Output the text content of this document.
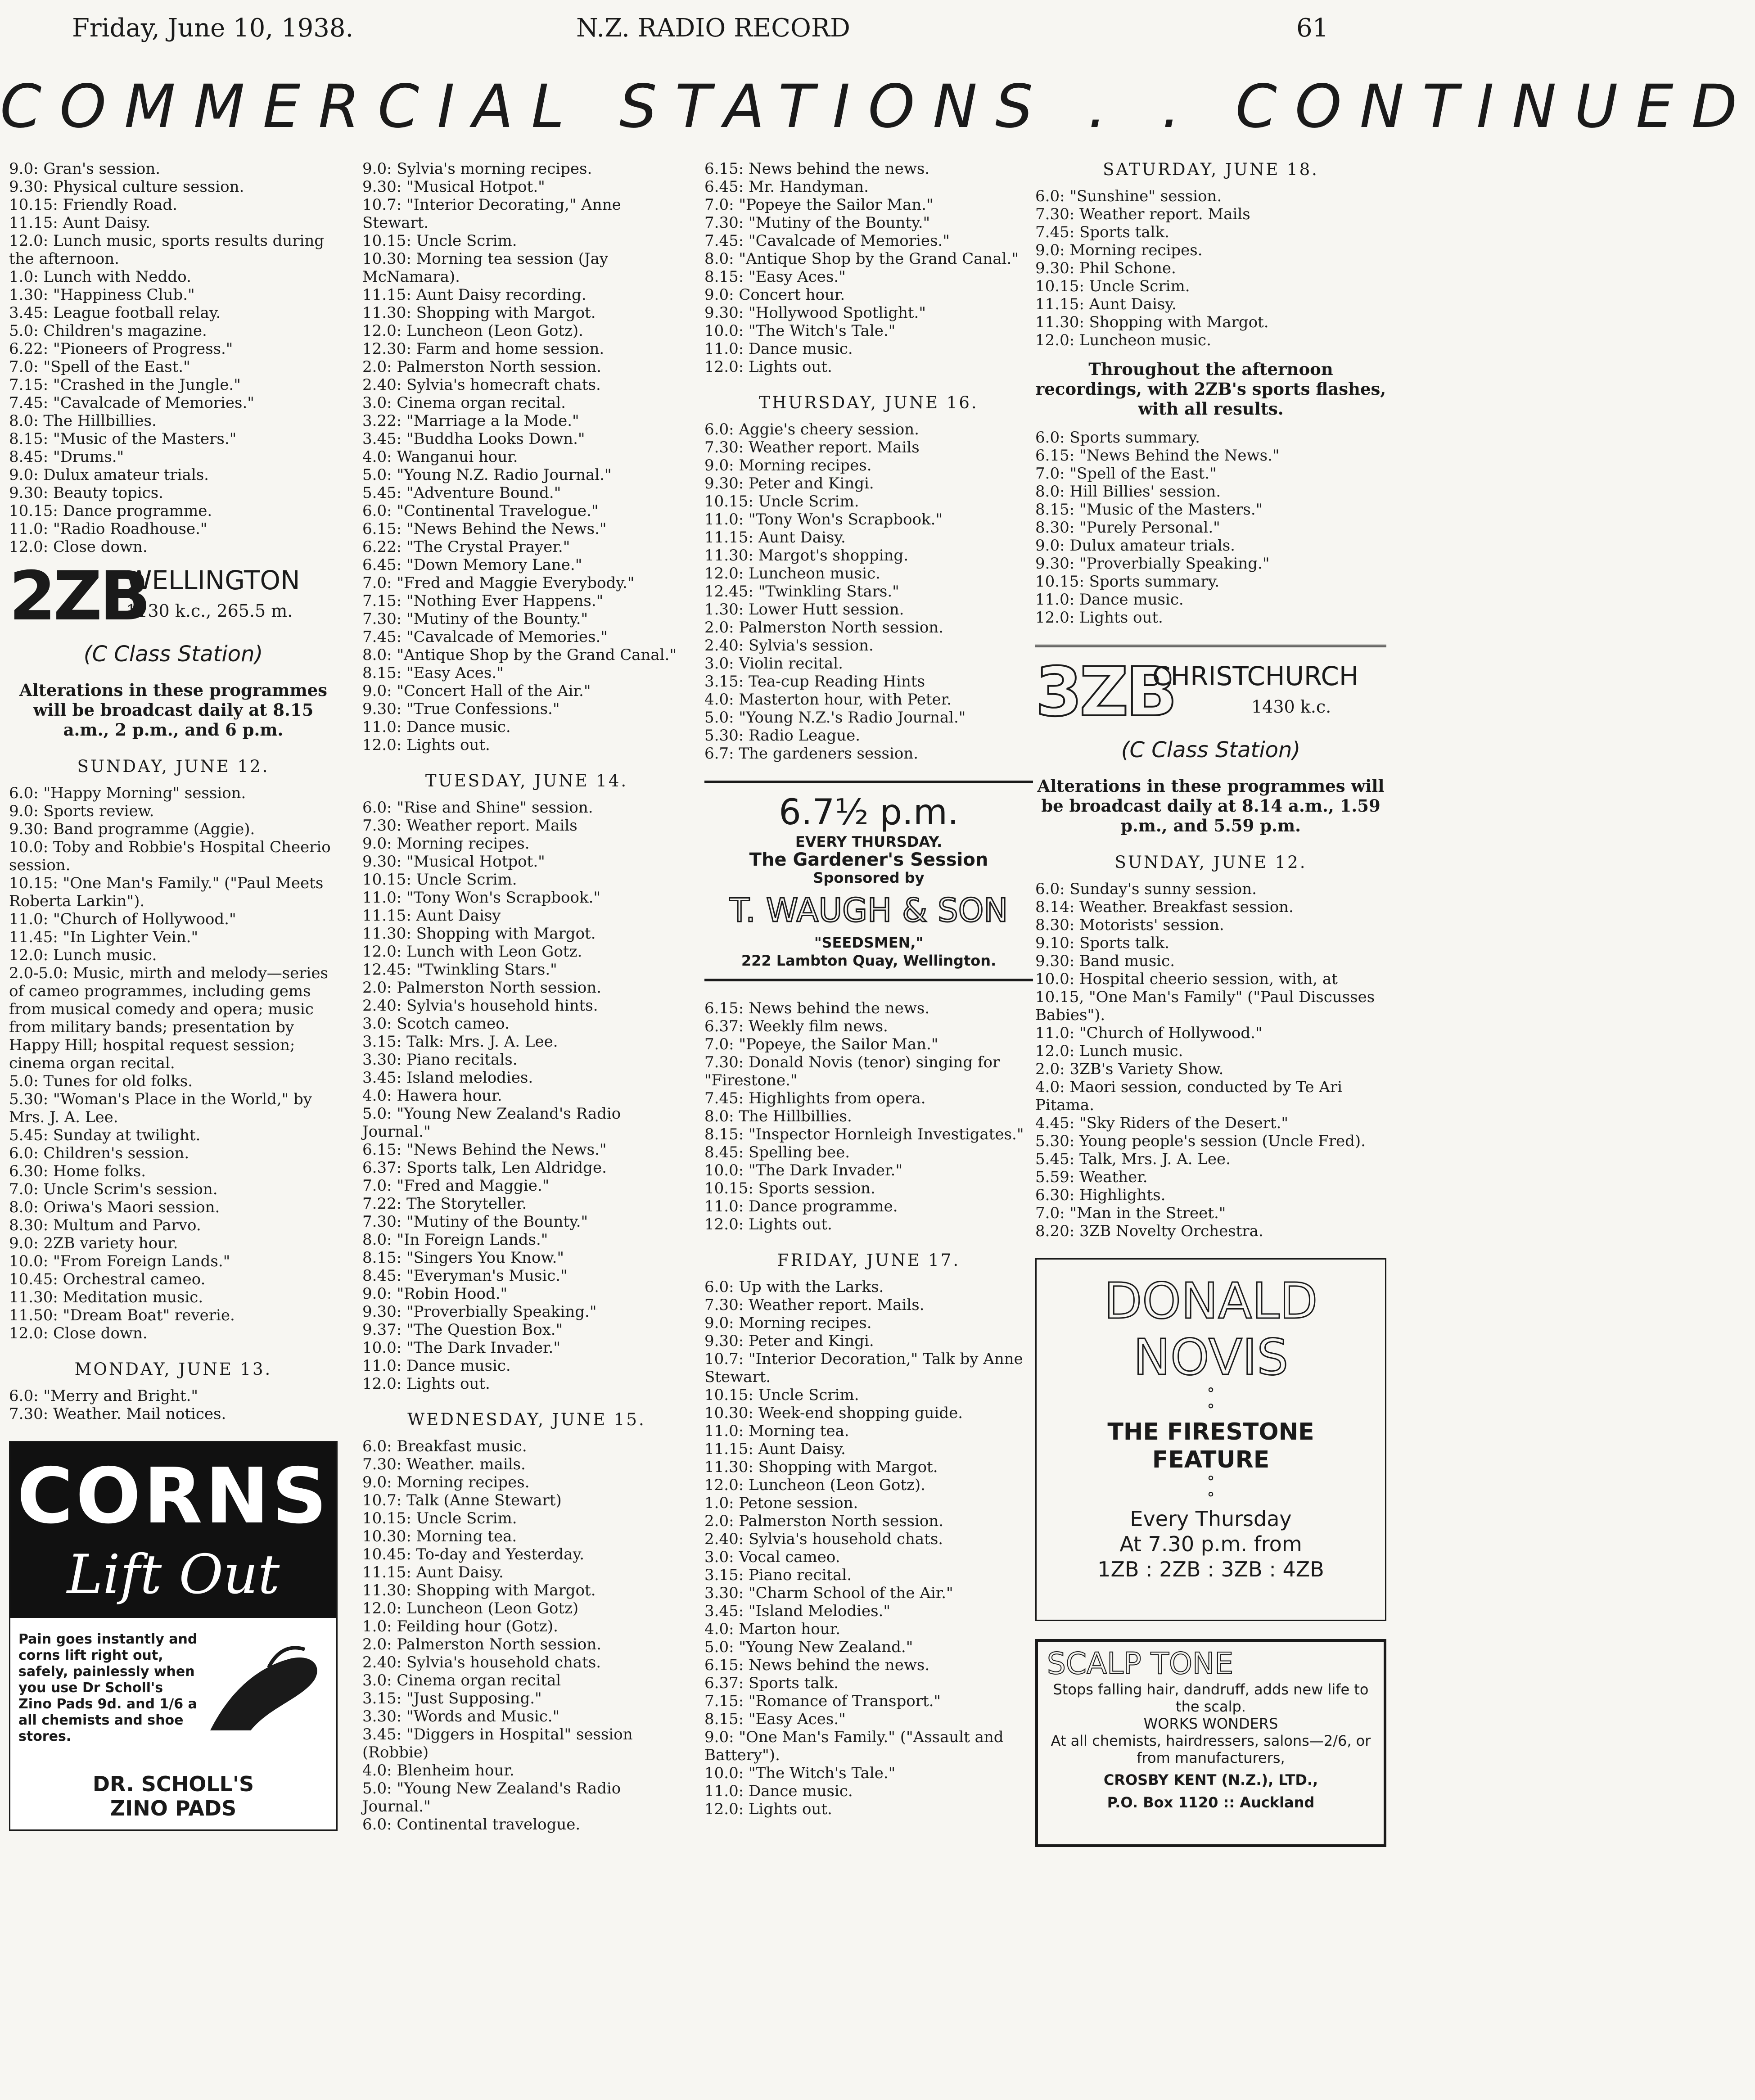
Friday, June 10, 1938.	N.Z. RADIO RECORD	61
COMMERCIAL STATIONS . . CONTINUED

9.0: Gran's session.

9.30: Physical culture session.

10.15: Friendly Road.

11.15: Aunt Daisy.

12.0: Lunch music, sports results during the afternoon.

1.0: Lunch with Neddo.

1.30: "Happiness Club."

3.45: League football relay.

5.0: Children's magazine.

6.22: "Pioneers of Progress."

7.0: "Spell of the East."

7.15: "Crashed in the Jungle."

7.45: "Cavalcade of Memories."

8.0: The Hillbillies.

8.15: "Music of the Masters."

8.45: "Drums."

9.0: Dulux amateur trials.

9.30: Beauty topics.

10.15: Dance programme.

11.0: "Radio Roadhouse."

12.0: Close down.

2ZB
WELLINGTON
1130 k.c., 265.5 m.
(C Class Station)
Alterations in these programmes will be broadcast daily at 8.15 a.m., 2 p.m., and 6 p.m.
SUNDAY, JUNE 12.

6.0: "Happy Morning" session.

9.0: Sports review.

9.30: Band programme (Aggie).

10.0: Toby and Robbie's Hospital Cheerio session.

10.15: "One Man's Family." ("Paul Meets Roberta Larkin").

11.0: "Church of Hollywood."

11.45: "In Lighter Vein."

12.0: Lunch music.

2.0-5.0: Music, mirth and melody—series of cameo programmes, including gems from musical comedy and opera; music from military bands; presentation by Happy Hill; hospital request session; cinema organ recital.

5.0: Tunes for old folks.

5.30: "Woman's Place in the World," by Mrs. J. A. Lee.

5.45: Sunday at twilight.

6.0: Children's session.

6.30: Home folks.

7.0: Uncle Scrim's session.

8.0: Oriwa's Maori session.

8.30: Multum and Parvo.

9.0: 2ZB variety hour.

10.0: "From Foreign Lands."

10.45: Orchestral cameo.

11.30: Meditation music.

11.50: "Dream Boat" reverie.

12.0: Close down.

MONDAY, JUNE 13.

6.0: "Merry and Bright."

7.30: Weather. Mail notices.

CORNS
Lift Out
Pain goes instantly and corns lift right out, safely, painlessly when you use Dr Scholl's Zino Pads 9d. and 1/6 a all chemists and shoe stores.
DR. SCHOLL'S
ZINO PADS

9.0: Sylvia's morning recipes.

9.30: "Musical Hotpot."

10.7: "Interior Decorating," Anne Stewart.

10.15: Uncle Scrim.

10.30: Morning tea session (Jay McNamara).

11.15: Aunt Daisy recording.

11.30: Shopping with Margot.

12.0: Luncheon (Leon Gotz).

12.30: Farm and home session.

2.0: Palmerston North session.

2.40: Sylvia's homecraft chats.

3.0: Cinema organ recital.

3.22: "Marriage a la Mode."

3.45: "Buddha Looks Down."

4.0: Wanganui hour.

5.0: "Young N.Z. Radio Journal."

5.45: "Adventure Bound."

6.0: "Continental Travelogue."

6.15: "News Behind the News."

6.22: "The Crystal Prayer."

6.45: "Down Memory Lane."

7.0: "Fred and Maggie Everybody."

7.15: "Nothing Ever Happens."

7.30: "Mutiny of the Bounty."

7.45: "Cavalcade of Memories."

8.0: "Antique Shop by the Grand Canal."

8.15: "Easy Aces."

9.0: "Concert Hall of the Air."

9.30: "True Confessions."

11.0: Dance music.

12.0: Lights out.

TUESDAY, JUNE 14.

6.0: "Rise and Shine" session.

7.30: Weather report. Mails

9.0: Morning recipes.

9.30: "Musical Hotpot."

10.15: Uncle Scrim.

11.0: "Tony Won's Scrapbook."

11.15: Aunt Daisy

11.30: Shopping with Margot.

12.0: Lunch with Leon Gotz.

12.45: "Twinkling Stars."

2.0: Palmerston North session.

2.40: Sylvia's household hints.

3.0: Scotch cameo.

3.15: Talk: Mrs. J. A. Lee.

3.30: Piano recitals.

3.45: Island melodies.

4.0: Hawera hour.

5.0: "Young New Zealand's Radio Journal."

6.15: "News Behind the News."

6.37: Sports talk, Len Aldridge.

7.0: "Fred and Maggie."

7.22: The Storyteller.

7.30: "Mutiny of the Bounty."

8.0: "In Foreign Lands."

8.15: "Singers You Know."

8.45: "Everyman's Music."

9.0: "Robin Hood."

9.30: "Proverbially Speaking."

9.37: "The Question Box."

10.0: "The Dark Invader."

11.0: Dance music.

12.0: Lights out.

WEDNESDAY, JUNE 15.

6.0: Breakfast music.

7.30: Weather. mails.

9.0: Morning recipes.

10.7: Talk (Anne Stewart)

10.15: Uncle Scrim.

10.30: Morning tea.

10.45: To-day and Yesterday.

11.15: Aunt Daisy.

11.30: Shopping with Margot.

12.0: Luncheon (Leon Gotz)

1.0: Feilding hour (Gotz).

2.0: Palmerston North session.

2.40: Sylvia's household chats.

3.0: Cinema organ recital

3.15: "Just Supposing."

3.30: "Words and Music."

3.45: "Diggers in Hospital" session (Robbie)

4.0: Blenheim hour.

5.0: "Young New Zealand's Radio Journal."

6.0: Continental travelogue.

6.15: News behind the news.

6.45: Mr. Handyman.

7.0: "Popeye the Sailor Man."

7.30: "Mutiny of the Bounty."

7.45: "Cavalcade of Memories."

8.0: "Antique Shop by the Grand Canal."

8.15: "Easy Aces."

9.0: Concert hour.

9.30: "Hollywood Spotlight."

10.0: "The Witch's Tale."

11.0: Dance music.

12.0: Lights out.

THURSDAY, JUNE 16.

6.0: Aggie's cheery session.

7.30: Weather report. Mails

9.0: Morning recipes.

9.30: Peter and Kingi.

10.15: Uncle Scrim.

11.0: "Tony Won's Scrapbook."

11.15: Aunt Daisy.

11.30: Margot's shopping.

12.0: Luncheon music.

12.45: "Twinkling Stars."

1.30: Lower Hutt session.

2.0: Palmerston North session.

2.40: Sylvia's session.

3.0: Violin recital.

3.15: Tea-cup Reading Hints

4.0: Masterton hour, with Peter.

5.0: "Young N.Z.'s Radio Journal."

5.30: Radio League.

6.7: The gardeners session.

6.7½ p.m.
EVERY THURSDAY.
The Gardener's Session
Sponsored by
T. WAUGH & SON
"SEEDSMEN,"
222 Lambton Quay, Wellington.

6.15: News behind the news.

6.37: Weekly film news.

7.0: "Popeye, the Sailor Man."

7.30: Donald Novis (tenor) singing for "Firestone."

7.45: Highlights from opera.

8.0: The Hillbillies.

8.15: "Inspector Hornleigh Investigates."

8.45: Spelling bee.

10.0: "The Dark Invader."

10.15: Sports session.

11.0: Dance programme.

12.0: Lights out.

FRIDAY, JUNE 17.

6.0: Up with the Larks.

7.30: Weather report. Mails.

9.0: Morning recipes.

9.30: Peter and Kingi.

10.7: "Interior Decoration," Talk by Anne Stewart.

10.15: Uncle Scrim.

10.30: Week-end shopping guide.

11.0: Morning tea.

11.15: Aunt Daisy.

11.30: Shopping with Margot.

12.0: Luncheon (Leon Gotz).

1.0: Petone session.

2.0: Palmerston North session.

2.40: Sylvia's household chats.

3.0: Vocal cameo.

3.15: Piano recital.

3.30: "Charm School of the Air."

3.45: "Island Melodies."

4.0: Marton hour.

5.0: "Young New Zealand."

6.15: News behind the news.

6.37: Sports talk.

7.15: "Romance of Transport."

8.15: "Easy Aces."

9.0: "One Man's Family." ("Assault and Battery").

10.0: "The Witch's Tale."

11.0: Dance music.

12.0: Lights out.

SATURDAY, JUNE 18.

6.0: "Sunshine" session.

7.30: Weather report. Mails

7.45: Sports talk.

9.0: Morning recipes.

9.30: Phil Schone.

10.15: Uncle Scrim.

11.15: Aunt Daisy.

11.30: Shopping with Margot.

12.0: Luncheon music.

Throughout the afternoon recordings, with 2ZB's sports flashes, with all results.

6.0: Sports summary.

6.15: "News Behind the News."

7.0: "Spell of the East."

8.0: Hill Billies' session.

8.15: "Music of the Masters."

8.30: "Purely Personal."

9.0: Dulux amateur trials.

9.30: "Proverbially Speaking."

10.15: Sports summary.

11.0: Dance music.

12.0: Lights out.

3ZB
CHRISTCHURCH
1430 k.c.
(C Class Station)
Alterations in these programmes will be broadcast daily at 8.14 a.m., 1.59 p.m., and 5.59 p.m.
SUNDAY, JUNE 12.

6.0: Sunday's sunny session.

8.14: Weather. Breakfast session.

8.30: Motorists' session.

9.10: Sports talk.

9.30: Band music.

10.0: Hospital cheerio session, with, at 10.15, "One Man's Family" ("Paul Discusses Babies").

11.0: "Church of Hollywood."

12.0: Lunch music.

2.0: 3ZB's Variety Show.

4.0: Maori session, conducted by Te Ari Pitama.

4.45: "Sky Riders of the Desert."

5.30: Young people's session (Uncle Fred).

5.45: Talk, Mrs. J. A. Lee.

5.59: Weather.

6.30: Highlights.

7.0: "Man in the Street."

8.20: 3ZB Novelty Orchestra.

DONALD
NOVIS
°
°
THE FIRESTONE
FEATURE
°
°
Every Thursday
At 7.30 p.m. from
1ZB : 2ZB : 3ZB : 4ZB
SCALP TONE
Stops falling hair, dandruff, adds new life to the scalp.
WORKS WONDERS
At all chemists, hairdressers, salons—2/6, or from manufacturers,
CROSBY KENT (N.Z.), LTD.,
P.O. Box 1120 :: Auckland
